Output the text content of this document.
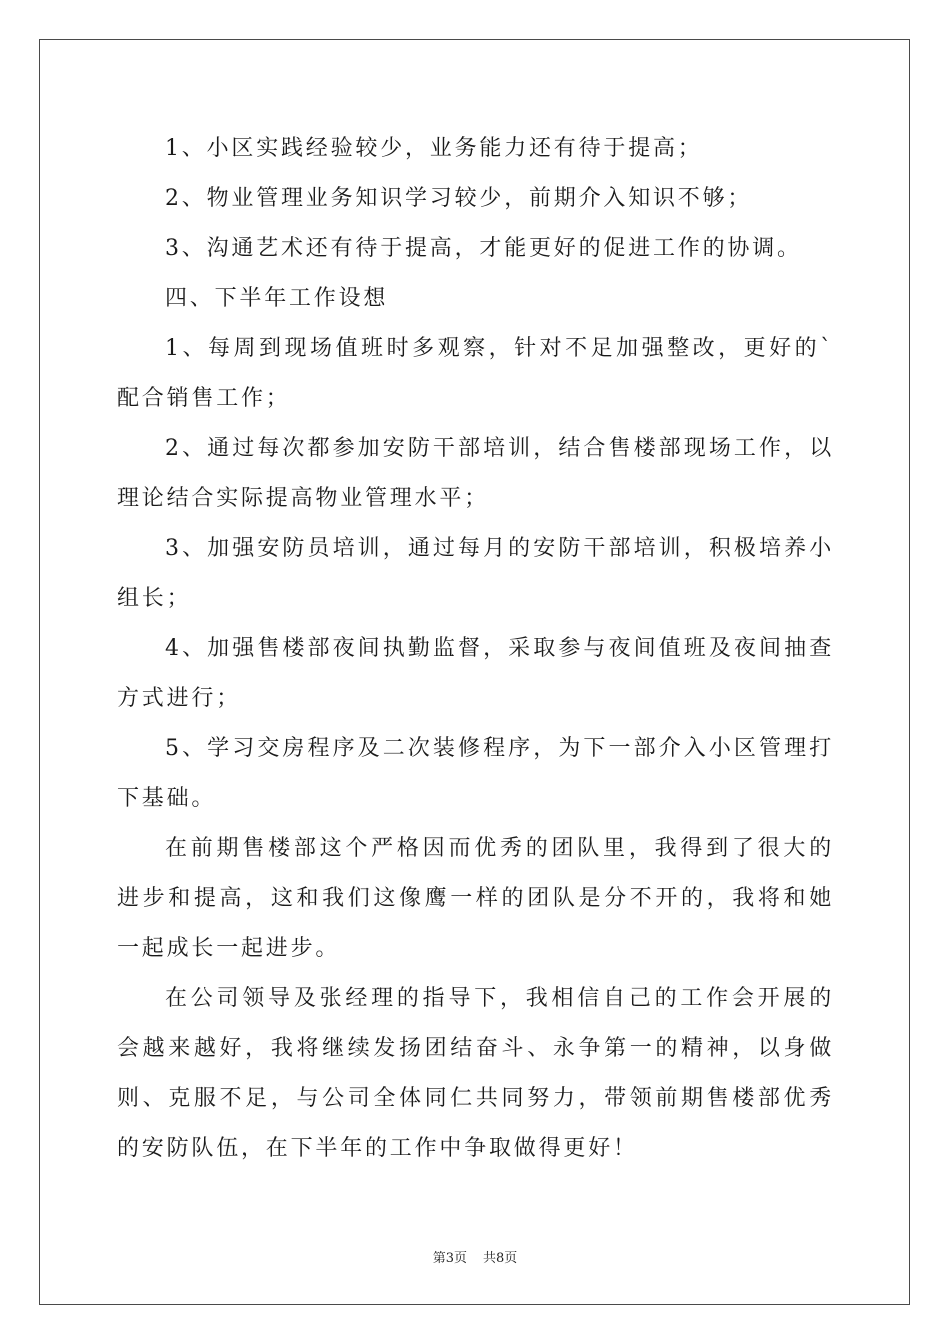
1、小区实践经验较少，业务能力还有待于提高；

2、物业管理业务知识学习较少，前期介入知识不够；

3、沟通艺术还有待于提高，才能更好的促进工作的协调。

四、下半年工作设想

1、每周到现场值班时多观察，针对不足加强整改，更好的`配合销售工作；

2、通过每次都参加安防干部培训，结合售楼部现场工作，以理论结合实际提高物业管理水平；

3、加强安防员培训，通过每月的安防干部培训，积极培养小组长；

4、加强售楼部夜间执勤监督，采取参与夜间值班及夜间抽查方式进行；

5、学习交房程序及二次装修程序，为下一部介入小区管理打下基础。

在前期售楼部这个严格因而优秀的团队里，我得到了很大的进步和提高，这和我们这像鹰一样的团队是分不开的，我将和她一起成长一起进步。

在公司领导及张经理的指导下，我相信自己的工作会开展的会越来越好，我将继续发扬团结奋斗、永争第一的精神，以身做则、克服不足，与公司全体同仁共同努力，带领前期售楼部优秀的安防队伍，在下半年的工作中争取做得更好！

第3页 共8页
